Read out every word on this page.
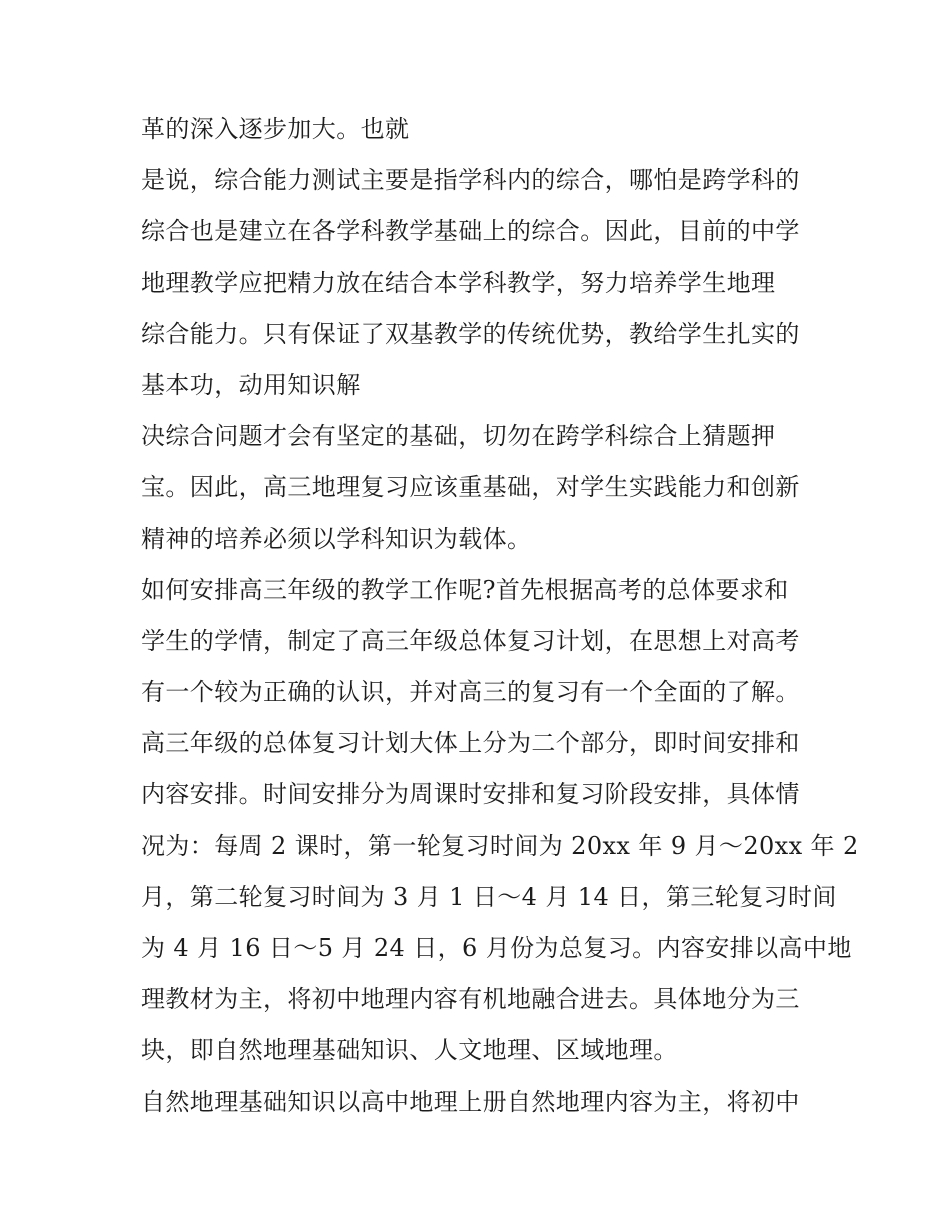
革的深入逐步加大。也就
是说，综合能力测试主要是指学科内的综合，哪怕是跨学科的
综合也是建立在各学科教学基础上的综合。因此，目前的中学
地理教学应把精力放在结合本学科教学，努力培养学生地理
综合能力。只有保证了双基教学的传统优势，教给学生扎实的
基本功，动用知识解
决综合问题才会有坚定的基础，切勿在跨学科综合上猜题押
宝。因此，高三地理复习应该重基础，对学生实践能力和创新
精神的培养必须以学科知识为载体。
如何安排高三年级的教学工作呢?首先根据高考的总体要求和
学生的学情，制定了高三年级总体复习计划，在思想上对高考
有一个较为正确的认识，并对高三的复习有一个全面的了解。
高三年级的总体复习计划大体上分为二个部分，即时间安排和
内容安排。时间安排分为周课时安排和复习阶段安排，具体情
况为：每周 2 课时，第一轮复习时间为 20xx 年 9 月～20xx 年 2
月，第二轮复习时间为 3 月 1 日～4 月 14 日，第三轮复习时间
为 4 月 16 日～5 月 24 日，6 月份为总复习。内容安排以高中地
理教材为主，将初中地理内容有机地融合进去。具体地分为三
块，即自然地理基础知识、人文地理、区域地理。
自然地理基础知识以高中地理上册自然地理内容为主，将初中
